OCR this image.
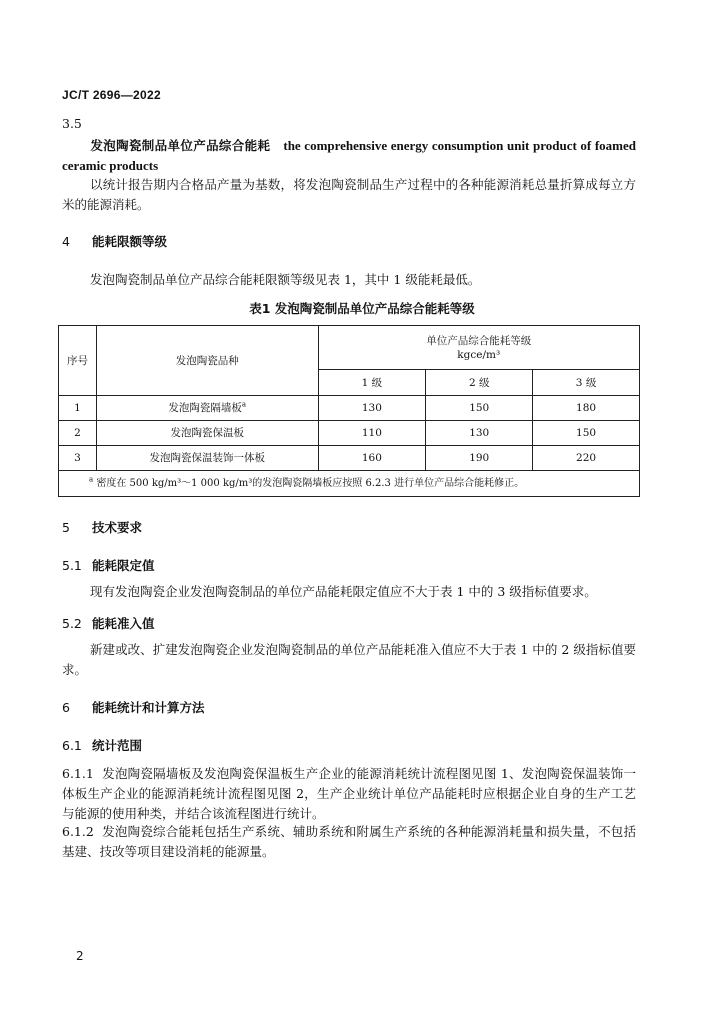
JC/T 2696—2022
3.5
发泡陶瓷制品单位产品综合能耗 the comprehensive energy consumption unit product of foamed ceramic products
以统计报告期内合格品产量为基数，将发泡陶瓷制品生产过程中的各种能源消耗总量折算成每立方米的能源消耗。
4 能耗限额等级
发泡陶瓷制品单位产品综合能耗限额等级见表 1，其中 1 级能耗最低。
表1 发泡陶瓷制品单位产品综合能耗等级
序号	发泡陶瓷品种	单位产品综合能耗等级
kgce/m³		

		1 级	2 级	3 级
1	发泡陶瓷隔墙板$^a$	130	150	180
2	发泡陶瓷保温板	110	130	150
3	发泡陶瓷保温装饰一体板	160	190	220
$^a$ 密度在 500 kg/m³～1 000 kg/m³的发泡陶瓷隔墙板应按照 6.2.3 进行单位产品综合能耗修正。				
5 技术要求
5.1 能耗限定值
现有发泡陶瓷企业发泡陶瓷制品的单位产品能耗限定值应不大于表 1 中的 3 级指标值要求。
5.2 能耗准入值
新建或改、扩建发泡陶瓷企业发泡陶瓷制品的单位产品能耗准入值应不大于表 1 中的 2 级指标值要求。
6 能耗统计和计算方法
6.1 统计范围
6.1.1 发泡陶瓷隔墙板及发泡陶瓷保温板生产企业的能源消耗统计流程图见图 1、发泡陶瓷保温装饰一体板生产企业的能源消耗统计流程图见图 2，生产企业统计单位产品能耗时应根据企业自身的生产工艺与能源的使用种类，并结合该流程图进行统计。
6.1.2 发泡陶瓷综合能耗包括生产系统、辅助系统和附属生产系统的各种能源消耗量和损失量，不包括基建、技改等项目建设消耗的能源量。
2
